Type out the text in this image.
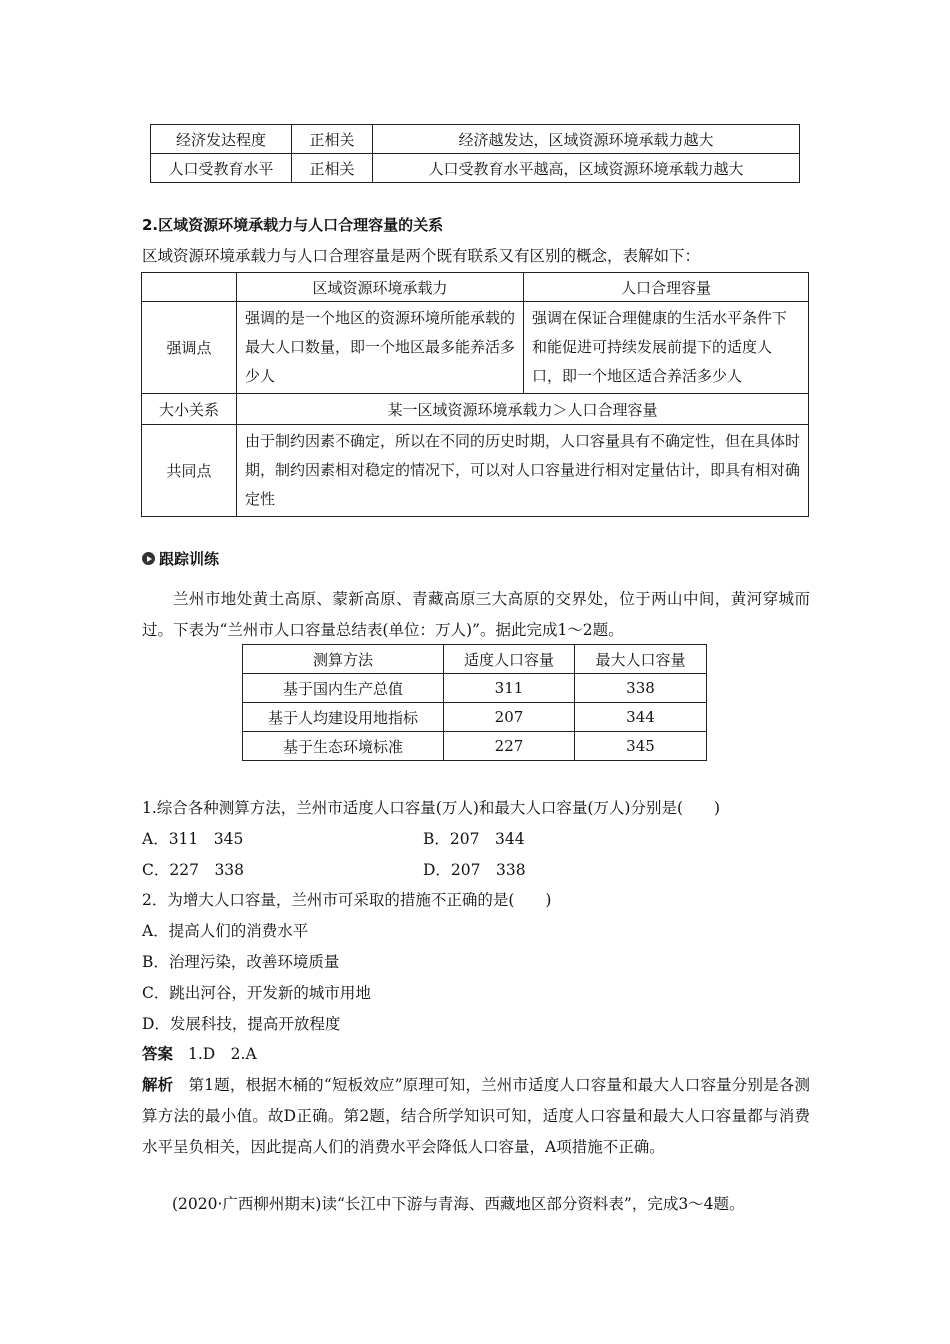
经济发达程度	正相关	经济越发达，区域资源环境承载力越大
人口受教育水平	正相关	人口受教育水平越高，区域资源环境承载力越大
2.区域资源环境承载力与人口合理容量的关系
区域资源环境承载力与人口合理容量是两个既有联系又有区别的概念，表解如下：
	区域资源环境承载力	人口合理容量
强调点	强调的是一个地区的资源环境所能承载的最大人口数量，即一个地区最多能养活多少人	强调在保证合理健康的生活水平条件下和能促进可持续发展前提下的适度人口，即一个地区适合养活多少人

大小关系	某一区域资源环境承载力＞人口合理容量	
共同点	由于制约因素不确定，所以在不同的历史时期，人口容量具有不确定性，但在具体时期，制约因素相对稳定的情况下，可以对人口容量进行相对定量估计，即具有相对确定性	
跟踪训练
兰州市地处黄土高原、蒙新高原、青藏高原三大高原的交界处，位于两山中间，黄河穿城而过。下表为“兰州市人口容量总结表(单位：万人)”。据此完成1～2题。
测算方法	适度人口容量	最大人口容量
基于国内生产总值	311	338
基于人均建设用地指标	207	344
基于生态环境标准	227	345
1.综合各种测算方法，兰州市适度人口容量(万人)和最大人口容量(万人)分别是(　　)
A．311　345	B．207　344
C．227　338	D．207　338
2．为增大人口容量，兰州市可采取的措施不正确的是(　　)
A．提高人们的消费水平
B．治理污染，改善环境质量
C．跳出河谷，开发新的城市用地
D．发展科技，提高开放程度
答案 1.D　2.A
解析 第1题，根据木桶的“短板效应”原理可知，兰州市适度人口容量和最大人口容量分别是各测算方法的最小值。故D正确。第2题，结合所学知识可知，适度人口容量和最大人口容量都与消费水平呈负相关，因此提高人们的消费水平会降低人口容量，A项措施不正确。
(2020·广西柳州期末)读“长江中下游与青海、西藏地区部分资料表”，完成3～4题。
